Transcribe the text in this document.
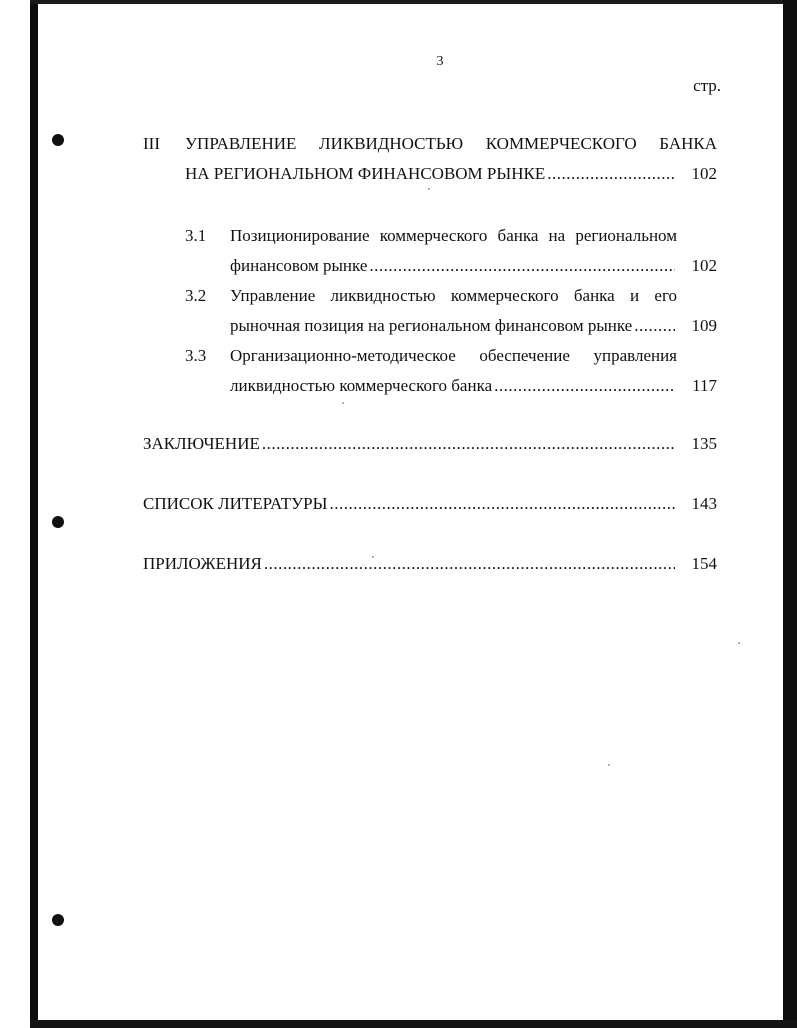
3
стр.
III	УПРАВЛЕНИЕ ЛИКВИДНОСТЬЮ КОММЕРЧЕСКОГО БАНКА
НА РЕГИОНАЛЬНОМ ФИНАНСОВОМ РЫНКЕ .....	102
3.1	Позиционирование коммерческого банка на региональном
финансовом рынке .....	102
3.2	Управление ликвидностью коммерческого банка и его
рыночная позиция на региональном финансовом рынке .....	109
3.3	Организационно-методическое обеспечение управления
ликвидностью коммерческого банка .....	117
ЗАКЛЮЧЕНИЕ .....	135
СПИСОК ЛИТЕРАТУРЫ .....	143
ПРИЛОЖЕНИЯ .....	154
